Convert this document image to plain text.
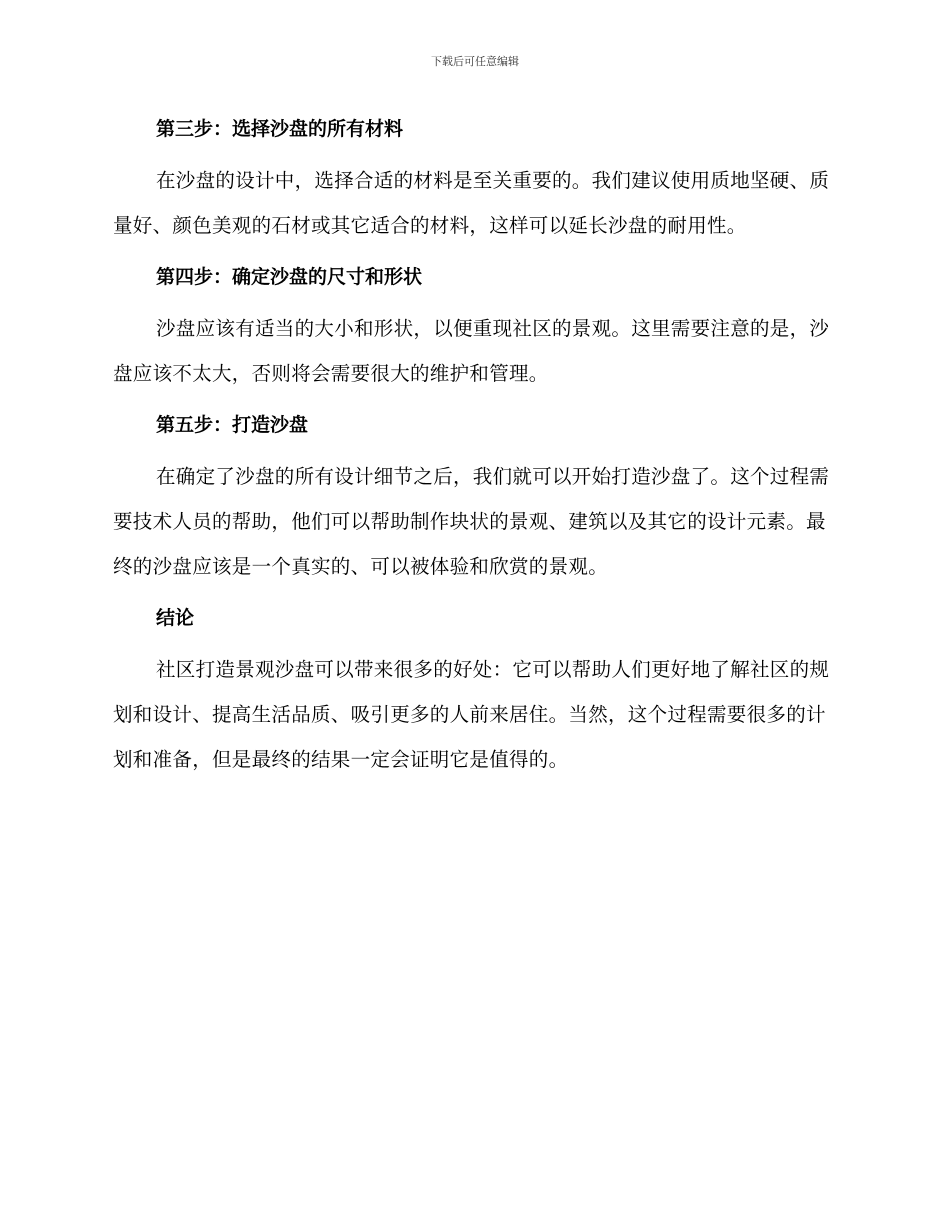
下载后可任意编辑
第三步：选择沙盘的所有材料
在沙盘的设计中，选择合适的材料是至关重要的。我们建议使用质地坚硬、质量好、颜色美观的石材或其它适合的材料，这样可以延长沙盘的耐用性。
第四步：确定沙盘的尺寸和形状
沙盘应该有适当的大小和形状，以便重现社区的景观。这里需要注意的是，沙盘应该不太大，否则将会需要很大的维护和管理。
第五步：打造沙盘
在确定了沙盘的所有设计细节之后，我们就可以开始打造沙盘了。这个过程需要技术人员的帮助，他们可以帮助制作块状的景观、建筑以及其它的设计元素。最终的沙盘应该是一个真实的、可以被体验和欣赏的景观。
结论
社区打造景观沙盘可以带来很多的好处：它可以帮助人们更好地了解社区的规划和设计、提高生活品质、吸引更多的人前来居住。当然，这个过程需要很多的计划和准备，但是最终的结果一定会证明它是值得的。
